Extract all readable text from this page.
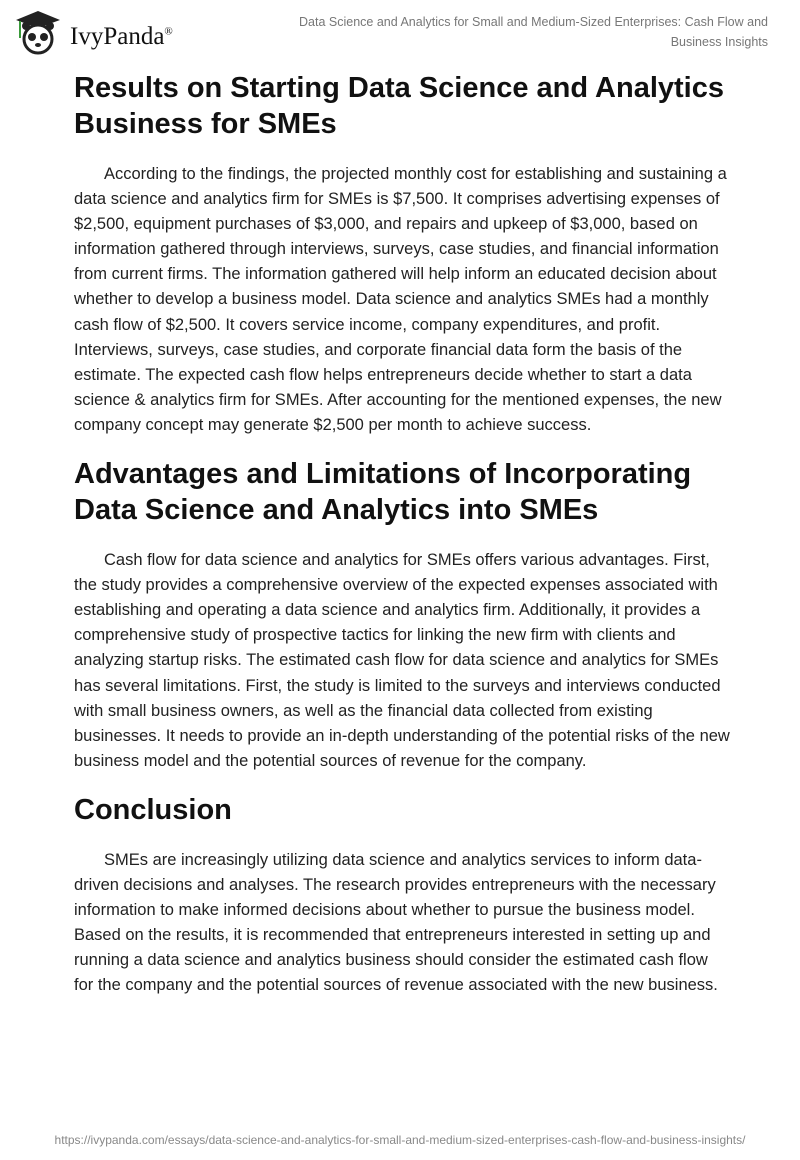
IvyPanda®
Data Science and Analytics for Small and Medium-Sized Enterprises: Cash Flow and Business Insights
Results on Starting Data Science and Analytics Business for SMEs

According to the findings, the projected monthly cost for establishing and sustaining a data science and analytics firm for SMEs is $7,500. It comprises advertising expenses of $2,500, equipment purchases of $3,000, and repairs and upkeep of $3,000, based on information gathered through interviews, surveys, case studies, and financial information from current firms. The information gathered will help inform an educated decision about whether to develop a business model. Data science and analytics SMEs had a monthly cash flow of $2,500. It covers service income, company expenditures, and profit. Interviews, surveys, case studies, and corporate financial data form the basis of the estimate. The expected cash flow helps entrepreneurs decide whether to start a data science & analytics firm for SMEs. After accounting for the mentioned expenses, the new company concept may generate $2,500 per month to achieve success.

Advantages and Limitations of Incorporating Data Science and Analytics into SMEs

Cash flow for data science and analytics for SMEs offers various advantages. First, the study provides a comprehensive overview of the expected expenses associated with establishing and operating a data science and analytics firm. Additionally, it provides a comprehensive study of prospective tactics for linking the new firm with clients and analyzing startup risks. The estimated cash flow for data science and analytics for SMEs has several limitations. First, the study is limited to the surveys and interviews conducted with small business owners, as well as the financial data collected from existing businesses. It needs to provide an in-depth understanding of the potential risks of the new business model and the potential sources of revenue for the company.

Conclusion

SMEs are increasingly utilizing data science and analytics services to inform data-driven decisions and analyses. The research provides entrepreneurs with the necessary information to make informed decisions about whether to pursue the business model. Based on the results, it is recommended that entrepreneurs interested in setting up and running a data science and analytics business should consider the estimated cash flow for the company and the potential sources of revenue associated with the new business.

https://ivypanda.com/essays/data-science-and-analytics-for-small-and-medium-sized-enterprises-cash-flow-and-business-insights/
